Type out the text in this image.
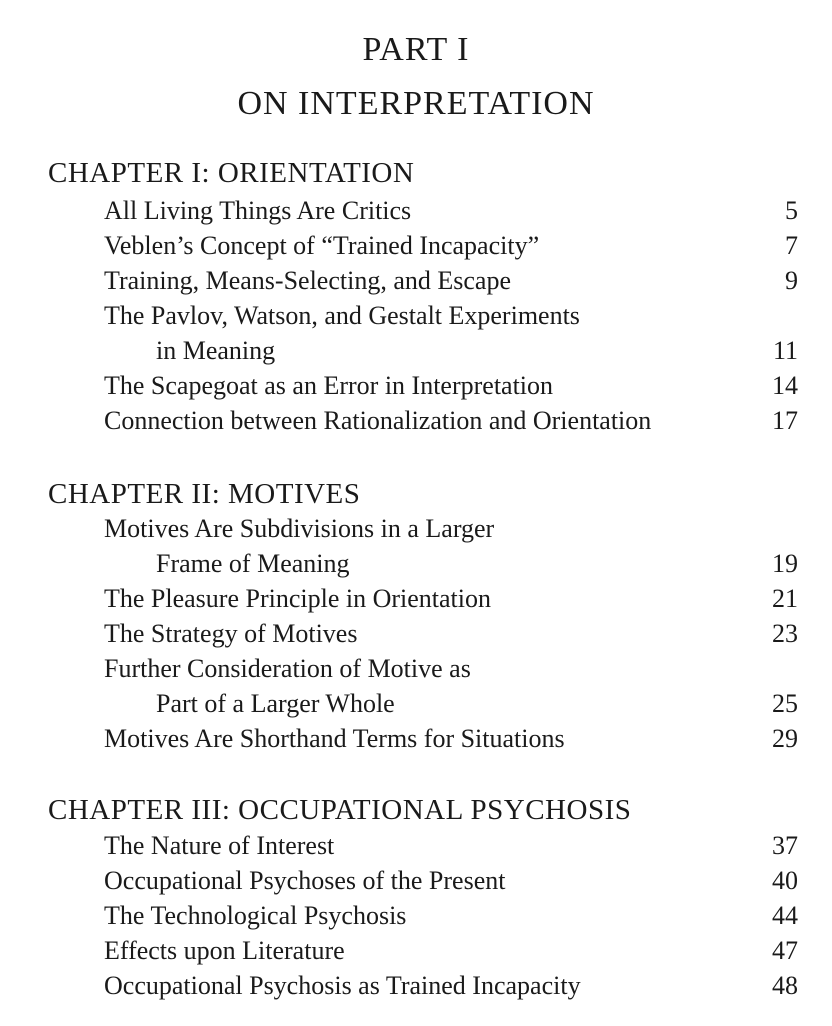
PART I
ON INTERPRETATION
CHAPTER I: ORIENTATION
All Living Things Are Critics	5
Veblen’s Concept of “Trained Incapacity”	7
Training, Means-Selecting, and Escape	9
The Pavlov, Watson, and Gestalt Experiments
in Meaning	11
The Scapegoat as an Error in Interpretation	14
Connection between Rationalization and Orientation	17
CHAPTER II: MOTIVES
Motives Are Subdivisions in a Larger
Frame of Meaning	19
The Pleasure Principle in Orientation	21
The Strategy of Motives	23
Further Consideration of Motive as
Part of a Larger Whole	25
Motives Are Shorthand Terms for Situations	29
CHAPTER III: OCCUPATIONAL PSYCHOSIS
The Nature of Interest	37
Occupational Psychoses of the Present	40
The Technological Psychosis	44
Effects upon Literature	47
Occupational Psychosis as Trained Incapacity	48
